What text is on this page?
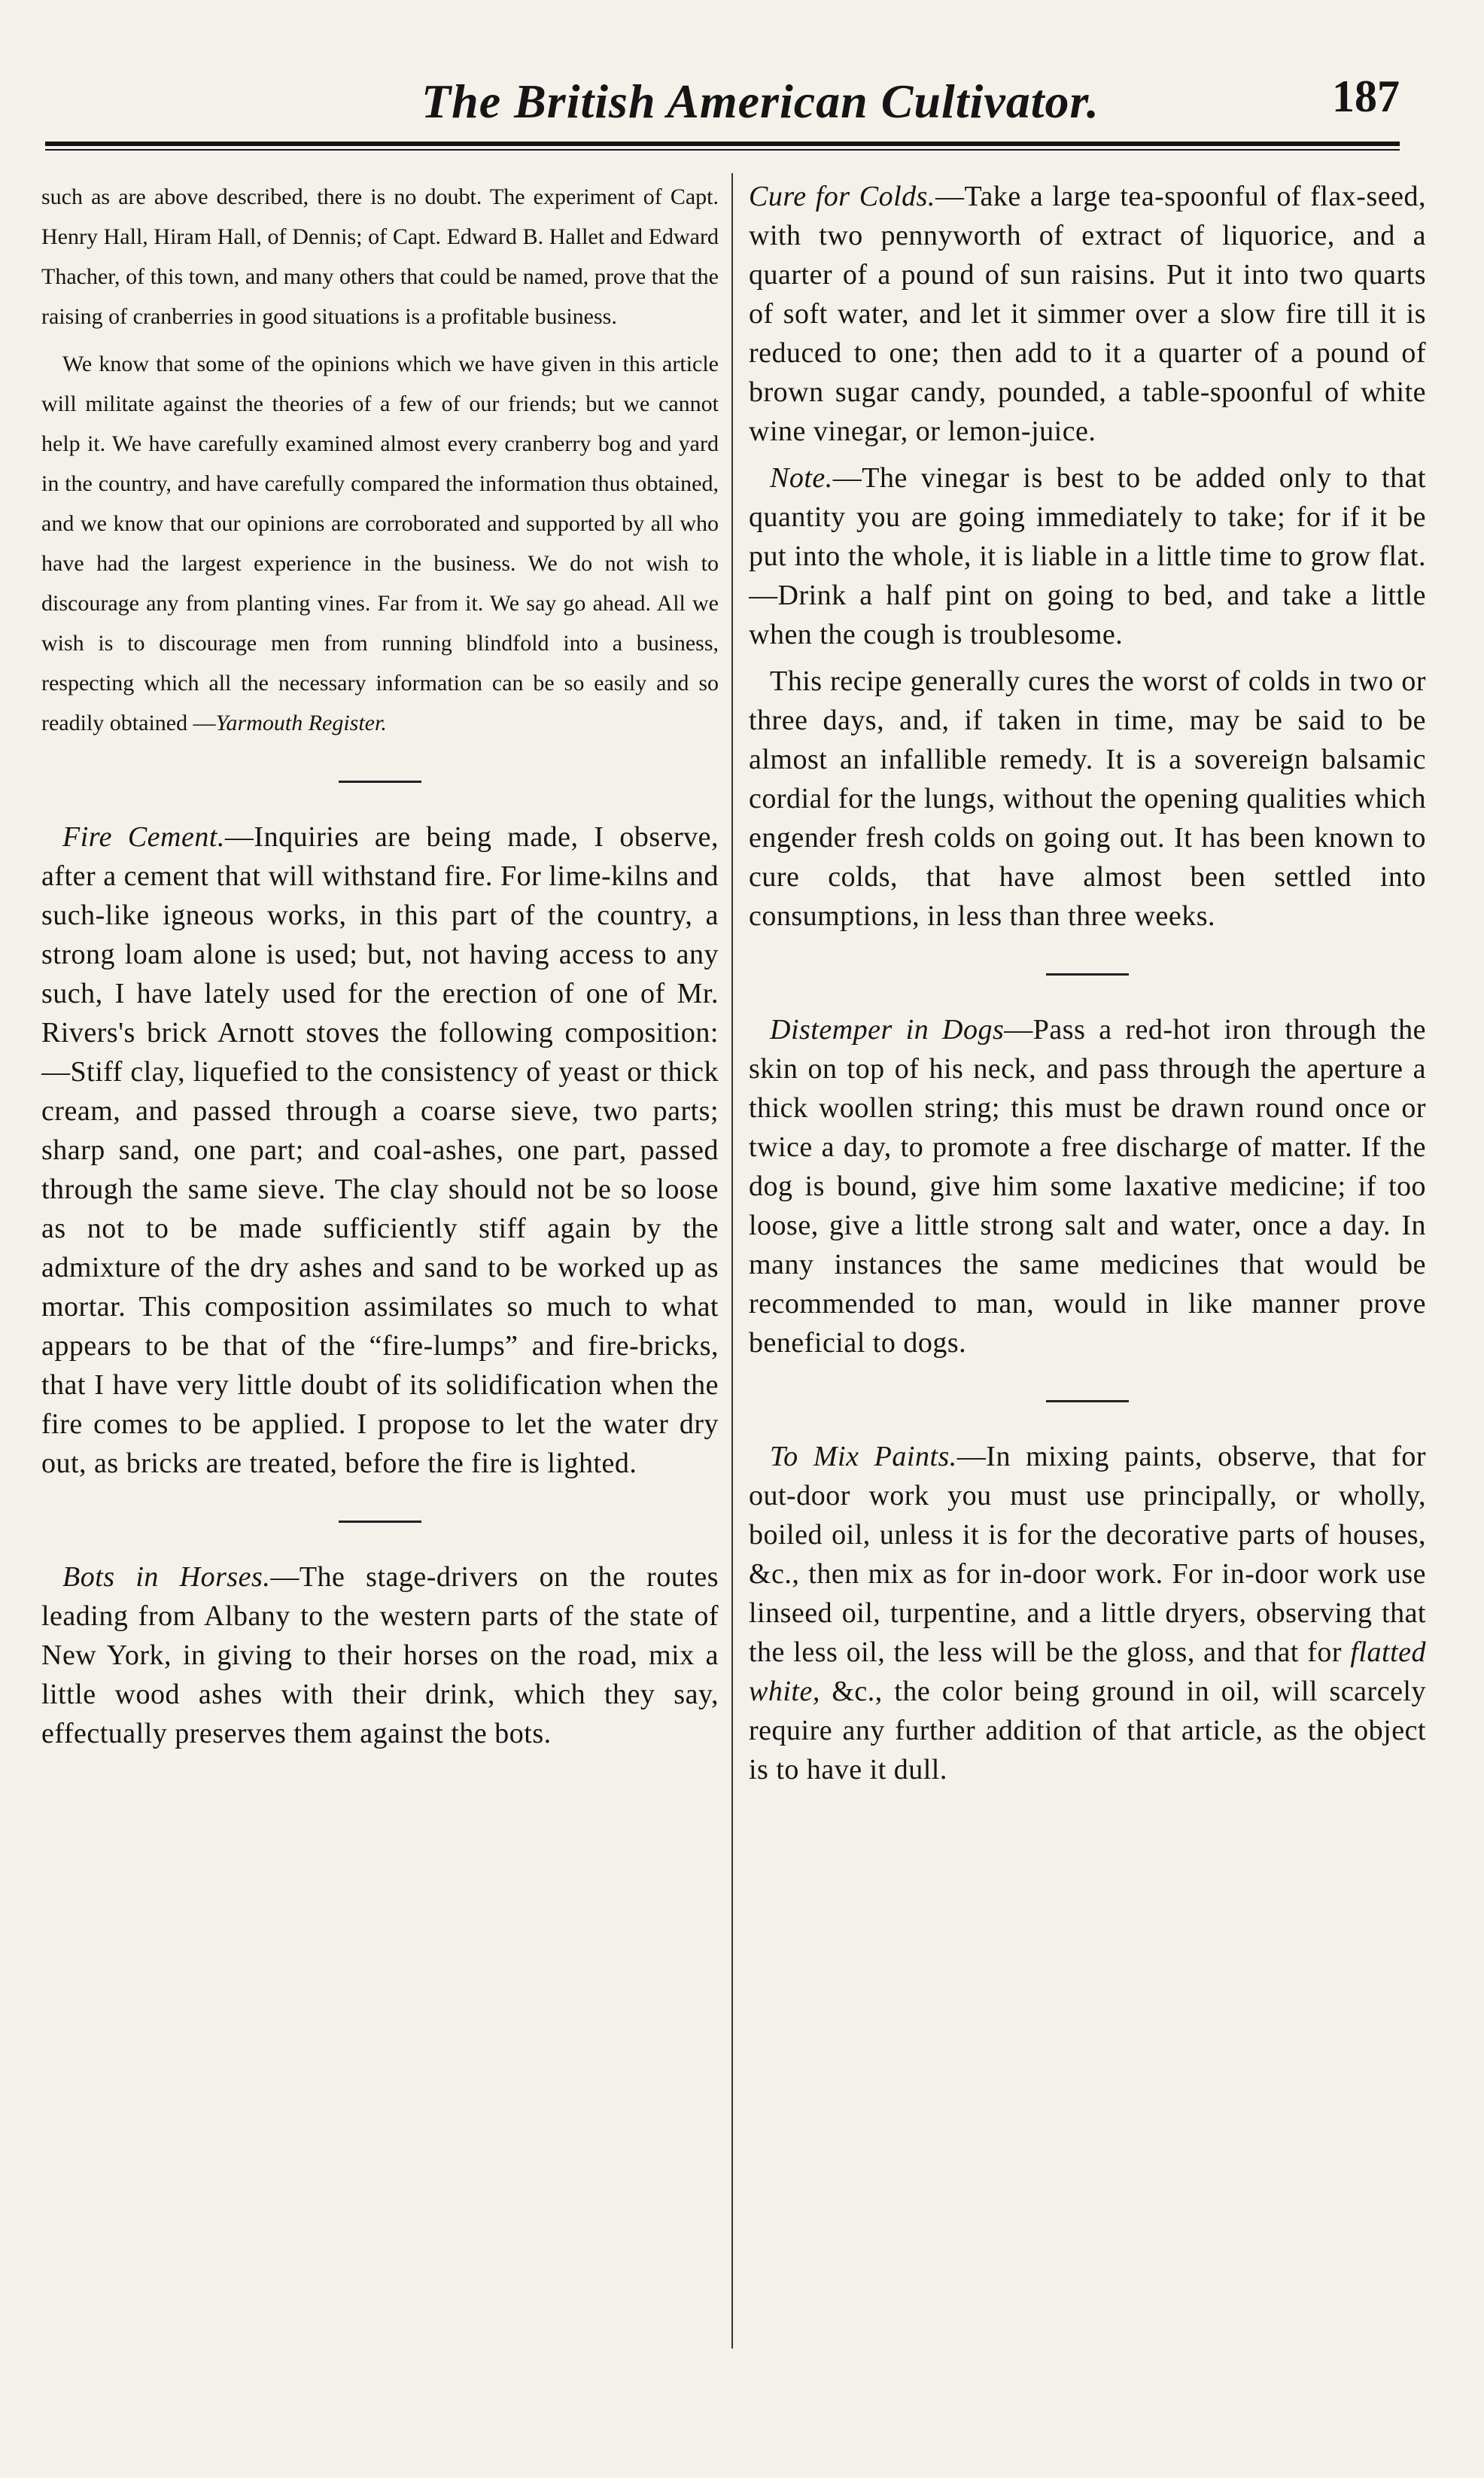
The British American Cultivator.	187

such as are above described, there is no doubt. The experiment of Capt. Henry Hall, Hiram Hall, of Dennis; of Capt. Edward B. Hallet and Edward Thacher, of this town, and many others that could be named, prove that the raising of cranberries in good situations is a profitable business.

We know that some of the opinions which we have given in this article will militate against the theories of a few of our friends; but we cannot help it. We have carefully examined almost every cranberry bog and yard in the country, and have carefully compared the information thus obtained, and we know that our opinions are corroborated and supported by all who have had the largest experience in the business. We do not wish to discourage any from planting vines. Far from it. We say go ahead. All we wish is to discourage men from running blindfold into a business, respecting which all the necessary information can be so easily and so readily obtained —Yarmouth Register.

Fire Cement.—Inquiries are being made, I observe, after a cement that will withstand fire. For lime-kilns and such-like igneous works, in this part of the country, a strong loam alone is used; but, not having access to any such, I have lately used for the erection of one of Mr. Rivers's brick Arnott stoves the following composition:—Stiff clay, liquefied to the consistency of yeast or thick cream, and passed through a coarse sieve, two parts; sharp sand, one part; and coal-ashes, one part, passed through the same sieve. The clay should not be so loose as not to be made sufficiently stiff again by the admixture of the dry ashes and sand to be worked up as mortar. This composition assimilates so much to what appears to be that of the “fire-lumps” and fire-bricks, that I have very little doubt of its solidification when the fire comes to be applied. I propose to let the water dry out, as bricks are treated, before the fire is lighted.

Bots in Horses.—The stage-drivers on the routes leading from Albany to the western parts of the state of New York, in giving to their horses on the road, mix a little wood ashes with their drink, which they say, effectually preserves them against the bots.

Cure for Colds.—Take a large tea-spoonful of flax-seed, with two pennyworth of extract of liquorice, and a quarter of a pound of sun raisins. Put it into two quarts of soft water, and let it simmer over a slow fire till it is reduced to one; then add to it a quarter of a pound of brown sugar candy, pounded, a table-spoonful of white wine vinegar, or lemon-juice.

Note.—The vinegar is best to be added only to that quantity you are going immediately to take; for if it be put into the whole, it is liable in a little time to grow flat.—Drink a half pint on going to bed, and take a little when the cough is troublesome.

This recipe generally cures the worst of colds in two or three days, and, if taken in time, may be said to be almost an infallible remedy. It is a sovereign balsamic cordial for the lungs, without the opening qualities which engender fresh colds on going out. It has been known to cure colds, that have almost been settled into consumptions, in less than three weeks.

Distemper in Dogs—Pass a red-hot iron through the skin on top of his neck, and pass through the aperture a thick woollen string; this must be drawn round once or twice a day, to promote a free discharge of matter. If the dog is bound, give him some laxative medicine; if too loose, give a little strong salt and water, once a day. In many instances the same medicines that would be recommended to man, would in like manner prove beneficial to dogs.

To Mix Paints.—In mixing paints, observe, that for out-door work you must use principally, or wholly, boiled oil, unless it is for the decorative parts of houses, &c., then mix as for in-door work. For in-door work use linseed oil, turpentine, and a little dryers, observing that the less oil, the less will be the gloss, and that for flatted white, &c., the color being ground in oil, will scarcely require any further addition of that article, as the object is to have it dull.
